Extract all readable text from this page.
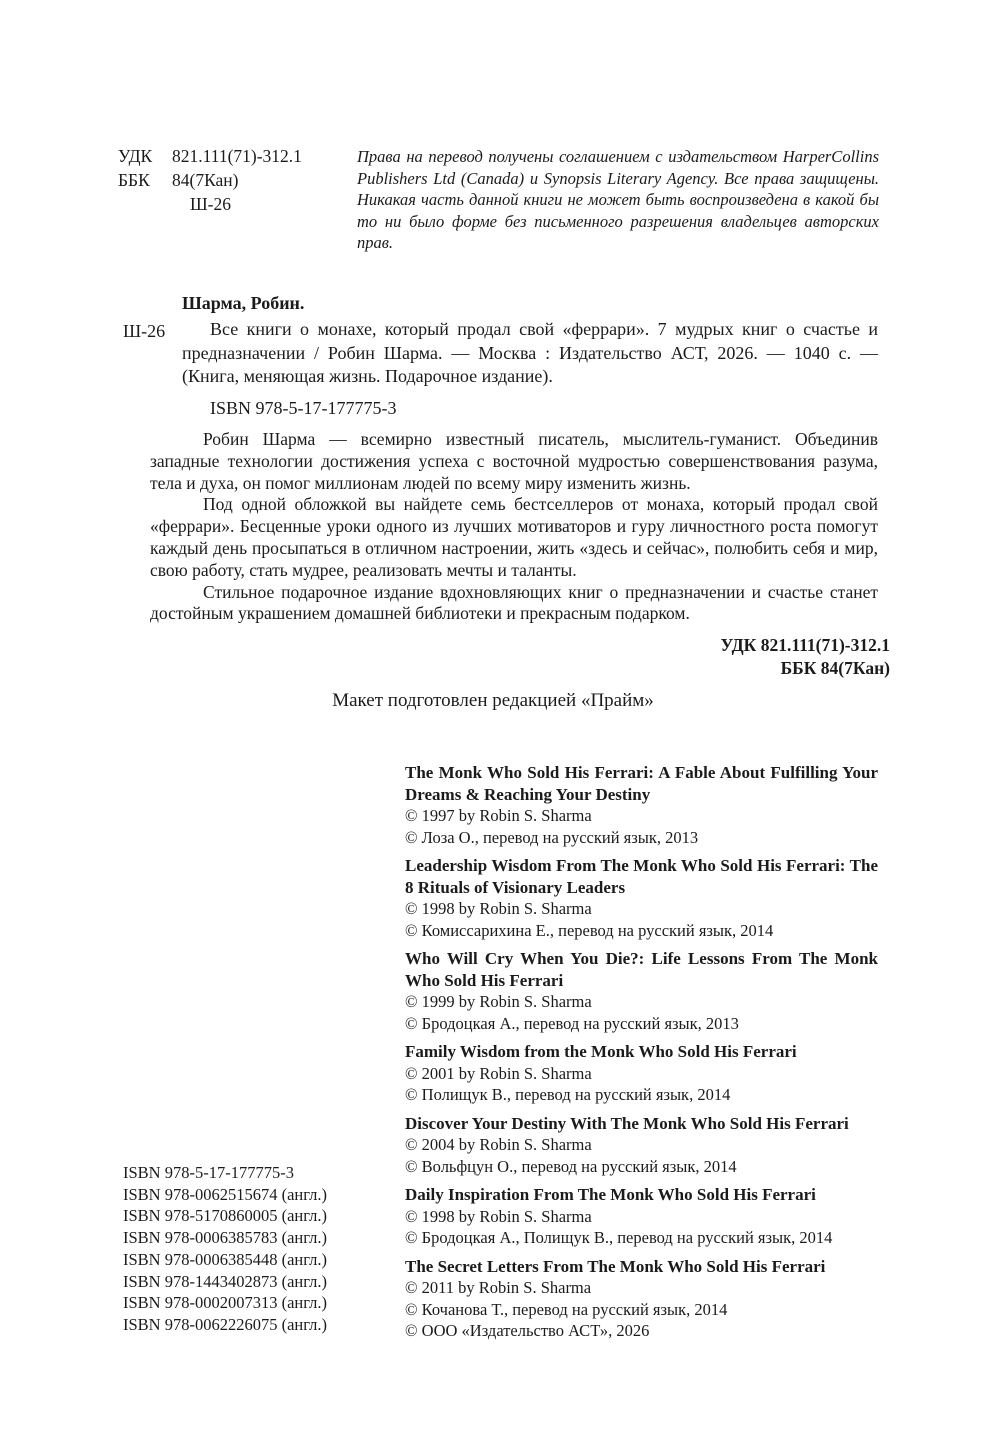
УДК	821.111(71)-312.1
ББК	84(7Кан)
Ш-26
Права на перевод получены соглашением с издательством HarperCollins Publishers Ltd (Canada) и Synopsis Literary Agency. Все права защищены. Никакая часть данной книги не может быть воспроизведена в какой бы то ни было форме без письменного разрешения владельцев авторских прав.
Шарма, Робин.
Ш-26	Все книги о монахе, который продал свой «феррари». 7 мудрых книг о счастье и предназначении / Робин Шарма. — Москва : Издательство АСТ, 2026. — 1040 с. — (Книга, меняющая жизнь. Подарочное издание).
ISBN 978-5-17-177775-3

Робин Шарма — всемирно известный писатель, мыслитель-гуманист. Объединив западные технологии достижения успеха с восточной мудростью совершенствования разума, тела и духа, он помог миллионам людей по всему миру изменить жизнь.

Под одной обложкой вы найдете семь бестселлеров от монаха, который продал свой «феррари». Бесценные уроки одного из лучших мотиваторов и гуру личностного роста помогут каждый день просыпаться в отличном настроении, жить «здесь и сейчас», полюбить себя и мир, свою работу, стать мудрее, реализовать мечты и таланты.

Стильное подарочное издание вдохновляющих книг о предназначении и счастье станет достойным украшением домашней библиотеки и прекрасным подарком.

УДК 821.111(71)-312.1
ББК 84(7Кан)
Макет подготовлен редакцией «Прайм»
The Monk Who Sold His Ferrari: A Fable About Fulfilling Your Dreams & Reaching Your Destiny
© 1997 by Robin S. Sharma
© Лоза О., перевод на русский язык, 2013
Leadership Wisdom From The Monk Who Sold His Ferrari: The 8 Rituals of Visionary Leaders
© 1998 by Robin S. Sharma
© Комиссарихина Е., перевод на русский язык, 2014
Who Will Cry When You Die?: Life Lessons From The Monk Who Sold His Ferrari
© 1999 by Robin S. Sharma
© Бродоцкая А., перевод на русский язык, 2013
Family Wisdom from the Monk Who Sold His Ferrari
© 2001 by Robin S. Sharma
© Полищук В., перевод на русский язык, 2014
Discover Your Destiny With The Monk Who Sold His Ferrari
© 2004 by Robin S. Sharma
© Вольфцун О., перевод на русский язык, 2014
Daily Inspiration From The Monk Who Sold His Ferrari
© 1998 by Robin S. Sharma
© Бродоцкая А., Полищук В., перевод на русский язык, 2014
The Secret Letters From The Monk Who Sold His Ferrari
© 2011 by Robin S. Sharma
© Кочанова Т., перевод на русский язык, 2014
© ООО «Издательство АСТ», 2026
ISBN 978-5-17-177775-3
ISBN 978-0062515674 (англ.)
ISBN 978-5170860005 (англ.)
ISBN 978-0006385783 (англ.)
ISBN 978-0006385448 (англ.)
ISBN 978-1443402873 (англ.)
ISBN 978-0002007313 (англ.)
ISBN 978-0062226075 (англ.)
